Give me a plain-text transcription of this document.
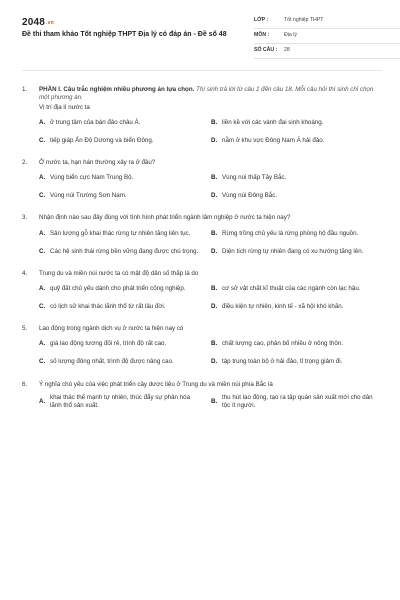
2048.vn
Đề thi tham khảo Tốt nghiệp THPT Địa lý có đáp án - Đề số 48
LỚP :	Tốt nghiệp THPT
MÔN :	Địa lý
SỐ CÂU :	28
1.	PHẦN I. Câu trắc nghiệm nhiều phương án lựa chọn. Thí sinh trả lời từ câu 1 đến câu 18. Mỗi câu hỏi thí sinh chỉ chọn một phương án.
Vị trí địa lí nước ta
A. ở trung tâm của bán đảo châu Á.	B. liền kề với các vành đai sinh khoáng.
C. tiếp giáp Ấn Độ Dương và biển Đông.	D. nằm ở khu vực Đông Nam Á hải đảo.
2.	Ở nước ta, hạn hán thường xảy ra ở đâu?
A. Vùng biển cực Nam Trung Bộ.	B. Vùng núi thấp Tây Bắc.
C. Vùng núi Trường Sơn Nam.	D. Vùng núi Đông Bắc.
3.	Nhận định nào sau đây đúng với tình hình phát triển ngành lâm nghiệp ở nước ta hiện nay?
A. Sản lượng gỗ khai thác rừng tự nhiên tăng liên tục.	B. Rừng trồng chủ yếu là rừng phòng hộ đầu nguồn.
C. Các hệ sinh thái rừng bền vững đang được chú trọng.	D. Diện tích rừng tự nhiên đang có xu hướng tăng lên.
4.	Trung du và miền núi nước ta có mật độ dân số thấp là do
A. quỹ đất chủ yếu dành cho phát triển công nghiệp.	B. cơ sở vật chất kĩ thuật của các ngành còn lạc hậu.
C. có lịch sử khai thác lãnh thổ từ rất lâu đời.	D. điều kiện tự nhiên, kinh tế - xã hội khó khăn.
5.	Lao động trong ngành dịch vụ ở nước ta hiện nay có
A. giá lao động tương đối rẻ, trình độ rất cao.	B. chất lượng cao, phân bố nhiều ở nông thôn.
C. số lượng đông nhất, trình độ được nâng cao.	D. tập trung toàn bộ ở hải đảo, tỉ trọng giảm đi.
6.	Ý nghĩa chủ yếu của việc phát triển cây dược liệu ở Trung du và miền núi phía Bắc là
A.
khai thác thế mạnh tự nhiên, thúc đẩy sự phân hóa lãnh thổ sản xuất.
B.
thu hút lao động, tạo ra tập quán sản xuất mới cho dân tộc ít người.
